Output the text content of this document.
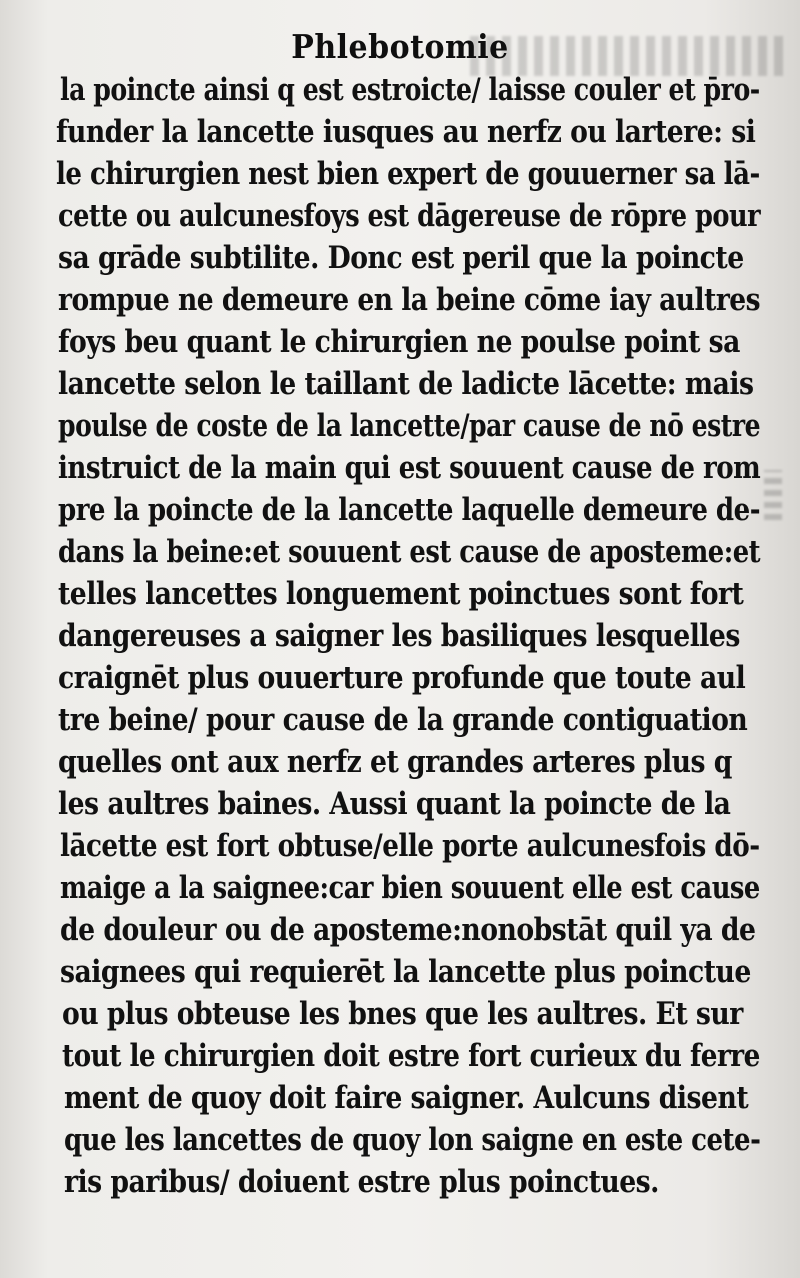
Phlebotomie
la poincte ainsi q est estroicte/ laisse couler et p̄ro-
funder la lancette iusques au nerfz ou lartere: si
le chirurgien nest bien expert de gouuerner sa lā-
cette ou aulcunesfoys est dāgereuse de rōpre pour
sa grāde subtilite. Donc est peril que la poincte
rompue ne demeure en la beine cōme iay aultres
foys beu quant le chirurgien ne poulse point sa
lancette selon le taillant de ladicte lācette: mais
poulse de coste de la lancette/par cause de nō estre
instruict de la main qui est souuent cause de rom
pre la poincte de la lancette laquelle demeure de-
dans la beine:et souuent est cause de aposteme:et
telles lancettes longuement poinctues sont fort
dangereuses a saigner les basiliques lesquelles
craignēt plus ouuerture profunde que toute aul
tre beine/ pour cause de la grande contiguation
quelles ont aux nerfz et grandes arteres plus q
les aultres baines. Aussi quant la poincte de la
lācette est fort obtuse/elle porte aulcunesfois dō-
maige a la saignee:car bien souuent elle est cause
de douleur ou de aposteme:nonobstāt quil ya de
saignees qui requierēt la lancette plus poinctue
ou plus obteuse les bnes que les aultres. Et sur
tout le chirurgien doit estre fort curieux du ferre
ment de quoy doit faire saigner. Aulcuns disent
que les lancettes de quoy lon saigne en este cete-
ris paribus/ doiuent estre plus poinctues.
